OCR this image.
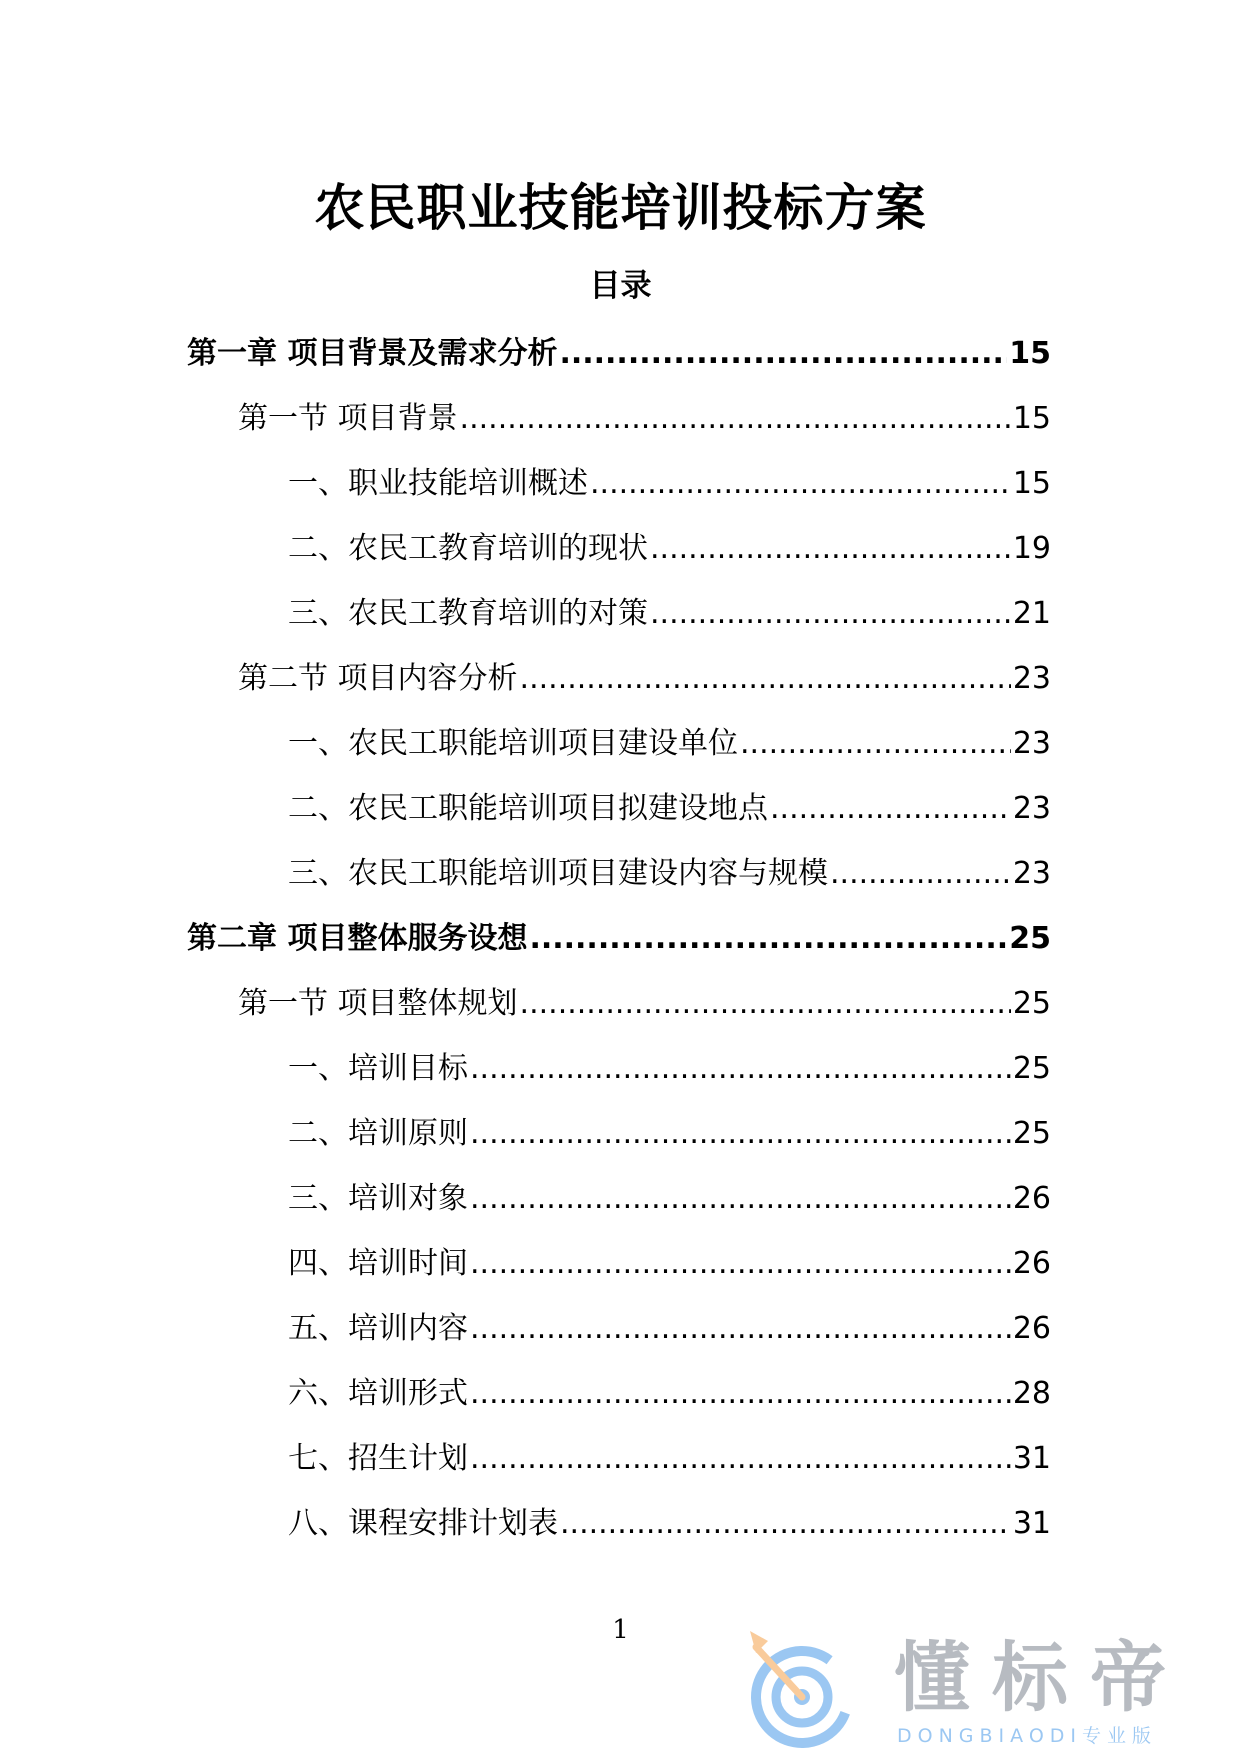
农民职业技能培训投标方案
目录
第一章 项目背景及需求分析 .....	15
第一节 项目背景 .....	15
一、职业技能培训概述 .....	15
二、农民工教育培训的现状 .....	19
三、农民工教育培训的对策 .....	21
第二节 项目内容分析 .....	23
一、农民工职能培训项目建设单位 .....	23
二、农民工职能培训项目拟建设地点 .....	23
三、农民工职能培训项目建设内容与规模 .....	23
第二章 项目整体服务设想 .....	25
第一节 项目整体规划 .....	25
一、培训目标 .....	25
二、培训原则 .....	25
三、培训对象 .....	26
四、培训时间 .....	26
五、培训内容 .....	26
六、培训形式 .....	28
七、招生计划 .....	31
八、课程安排计划表 .....	31
1
懂标帝
DONGBIAODI专业版
